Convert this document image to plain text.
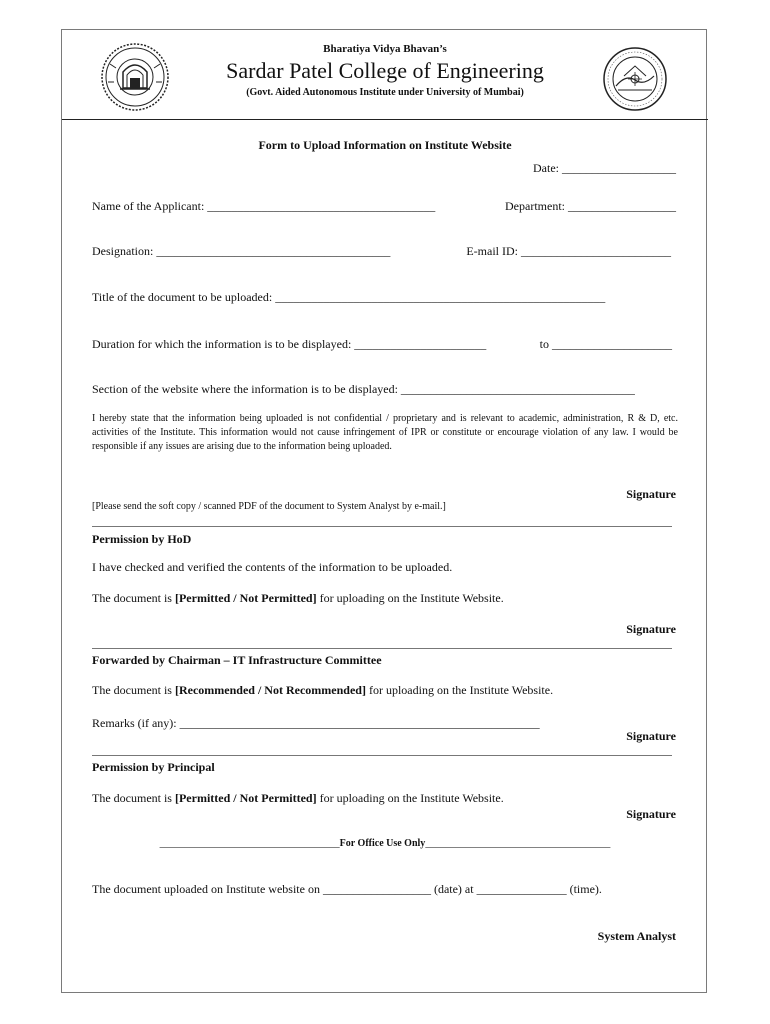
Bharatiya Vidya Bhavan’s
Sardar Patel College of Engineering
(Govt. Aided Autonomous Institute under University of Mumbai)
Form to Upload Information on Institute Website
Date: ___________________
Name of the Applicant: ______________________________________	Department: __________________
Designation: _______________________________________	E-mail ID: _________________________
Title of the document to be uploaded: _______________________________________________________
Duration for which the information is to be displayed: ______________________	to ____________________
Section of the website where the information is to be displayed: _______________________________________
I hereby state that the information being uploaded is not confidential / proprietary and is relevant to academic, administration, R & D, etc. activities of the Institute. This information would not cause infringement of IPR or constitute or encourage violation of any law. I would be responsible if any issues are arising due to the information being uploaded.
Signature
[Please send the soft copy / scanned PDF of the document to System Analyst by e-mail.]
Permission by HoD
I have checked and verified the contents of the information to be uploaded.
The document is [Permitted / Not Permitted] for uploading on the Institute Website.
Signature
Forwarded by Chairman – IT Infrastructure Committee
The document is [Recommended / Not Recommended] for uploading on the Institute Website.
Remarks (if any): ____________________________________________________________
Signature
Permission by Principal
The document is [Permitted / Not Permitted] for uploading on the Institute Website.
Signature
____________________________________For Office Use Only_____________________________________
The document uploaded on Institute website on __________________ (date) at _______________ (time).
System Analyst
